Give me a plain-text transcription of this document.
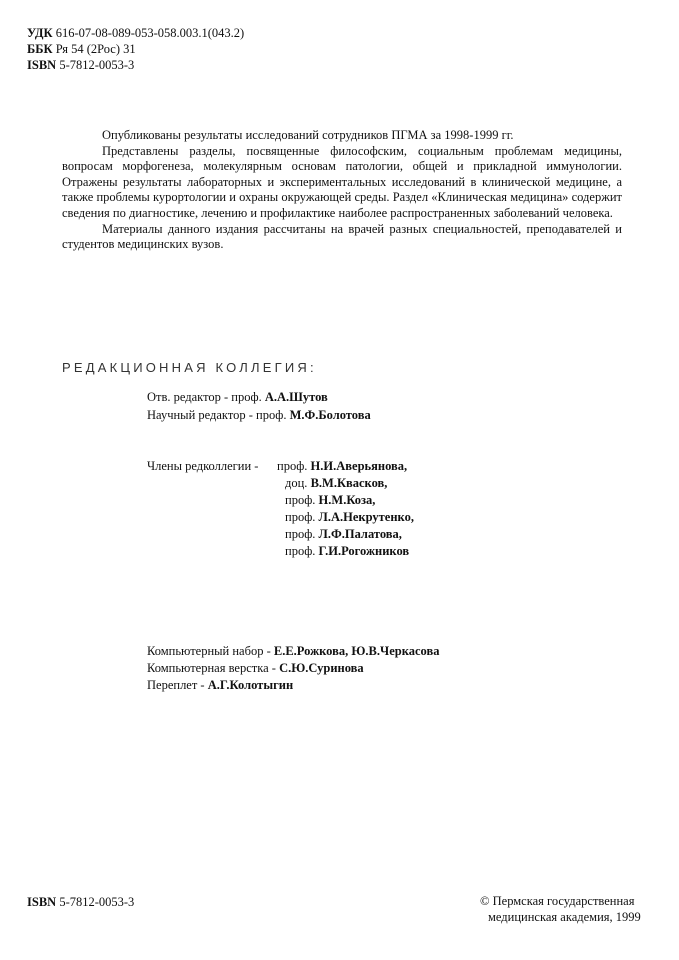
УДК 616-07-08-089-053-058.003.1(043.2)
ББК Ря 54 (2Рос) 31
ISBN 5-7812-0053-3

Опубликованы результаты исследований сотрудников ПГМА за 1998-1999 гг.

Представлены разделы, посвященные философским, социальным проблемам медицины, вопросам морфогенеза, молекулярным основам патологии, общей и прикладной иммунологии. Отражены результаты лабораторных и экспериментальных исследований в клинической медицине, а также проблемы курортологии и охраны окружающей среды. Раздел «Клиническая медицина» содержит сведения по диагностике, лечению и профилактике наиболее распространенных заболеваний человека.

Материалы данного издания рассчитаны на врачей разных специальностей, преподавателей и студентов медицинских вузов.

РЕДАКЦИОННАЯ КОЛЛЕГИЯ:
Отв. редактор - проф. А.А.Шутов
Научный редактор - проф. М.Ф.Болотова
Члены редколлегии - проф. Н.И.Аверьянова,
доц. В.М.Квасков,
проф. Н.М.Коза,
проф. Л.А.Некрутенко,
проф. Л.Ф.Палатова,
проф. Г.И.Рогожников
Компьютерный набор - Е.Е.Рожкова, Ю.В.Черкасова
Компьютерная верстка - С.Ю.Суринова
Переплет - А.Г.Колотыгин
ISBN 5-7812-0053-3	© Пермская государственная
медицинская академия, 1999
